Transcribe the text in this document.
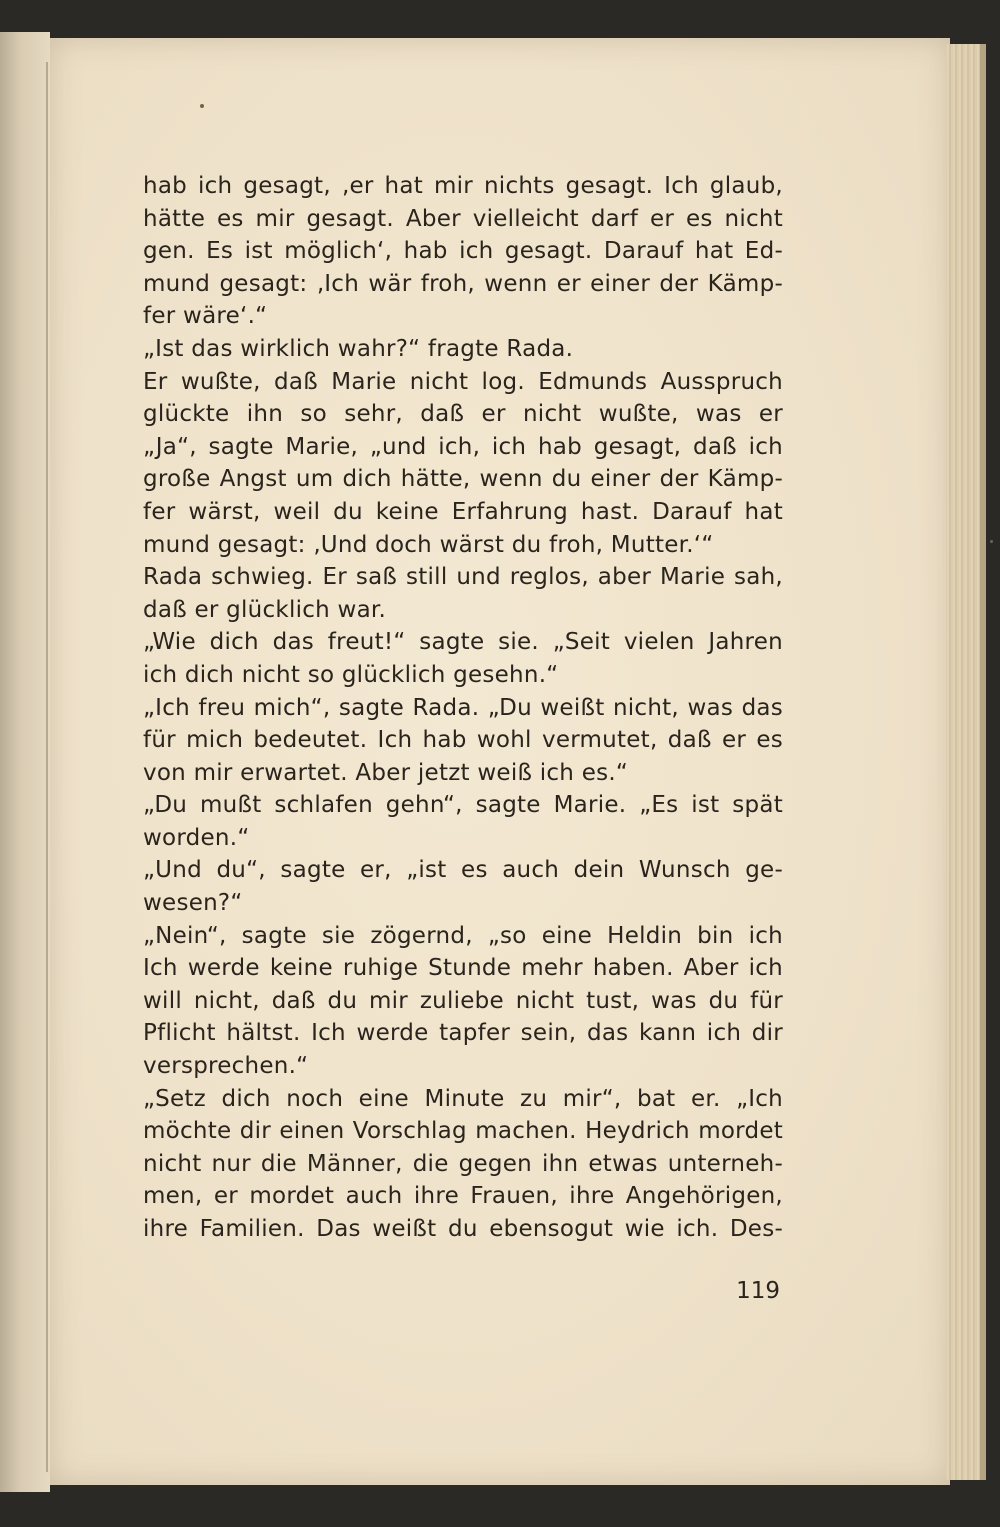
hab ich gesagt, ‚er hat mir nichts gesagt. Ich glaub,
hätte es mir gesagt. Aber vielleicht darf er es nicht
gen. Es ist möglich‘, hab ich gesagt. Darauf hat Ed-
mund gesagt: ‚Ich wär froh, wenn er einer der Kämp-
fer wäre‘.“
„Ist das wirklich wahr?“ fragte Rada.
Er wußte, daß Marie nicht log. Edmunds Ausspruch
glückte ihn so sehr, daß er nicht wußte, was er
„Ja“, sagte Marie, „und ich, ich hab gesagt, daß ich
große Angst um dich hätte, wenn du einer der Kämp-
fer wärst, weil du keine Erfahrung hast. Darauf hat
mund gesagt: ‚Und doch wärst du froh, Mutter.‘“
Rada schwieg. Er saß still und reglos, aber Marie sah,
daß er glücklich war.
„Wie dich das freut!“ sagte sie. „Seit vielen Jahren
ich dich nicht so glücklich gesehn.“
„Ich freu mich“, sagte Rada. „Du weißt nicht, was das
für mich bedeutet. Ich hab wohl vermutet, daß er es
von mir erwartet. Aber jetzt weiß ich es.“
„Du mußt schlafen gehn“, sagte Marie. „Es ist spät
worden.“
„Und du“, sagte er, „ist es auch dein Wunsch ge-
wesen?“
„Nein“, sagte sie zögernd, „so eine Heldin bin ich
Ich werde keine ruhige Stunde mehr haben. Aber ich
will nicht, daß du mir zuliebe nicht tust, was du für
Pflicht hältst. Ich werde tapfer sein, das kann ich dir
versprechen.“
„Setz dich noch eine Minute zu mir“, bat er. „Ich
möchte dir einen Vorschlag machen. Heydrich mordet
nicht nur die Männer, die gegen ihn etwas unterneh-
men, er mordet auch ihre Frauen, ihre Angehörigen,
ihre Familien. Das weißt du ebensogut wie ich. Des-
119
